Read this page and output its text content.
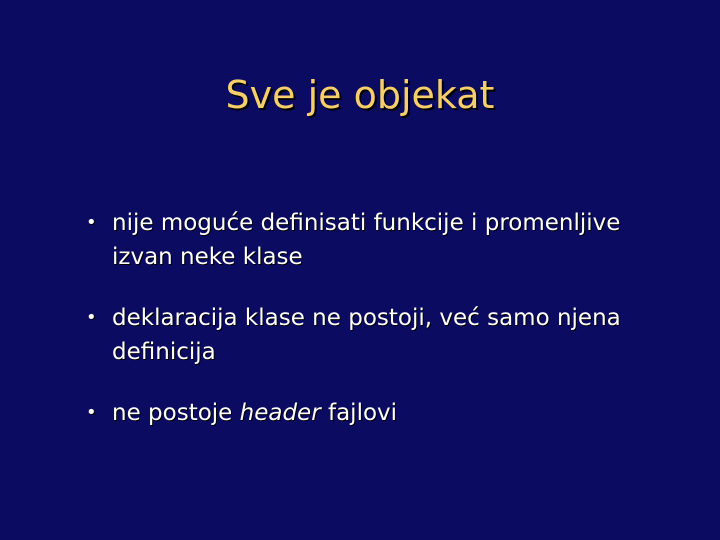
Sve je objekat
• nije moguće definisati funkcije i promenljive
izvan neke klase
• deklaracija klase ne postoji, već samo njena
definicija
• ne postoje header fajlovi
